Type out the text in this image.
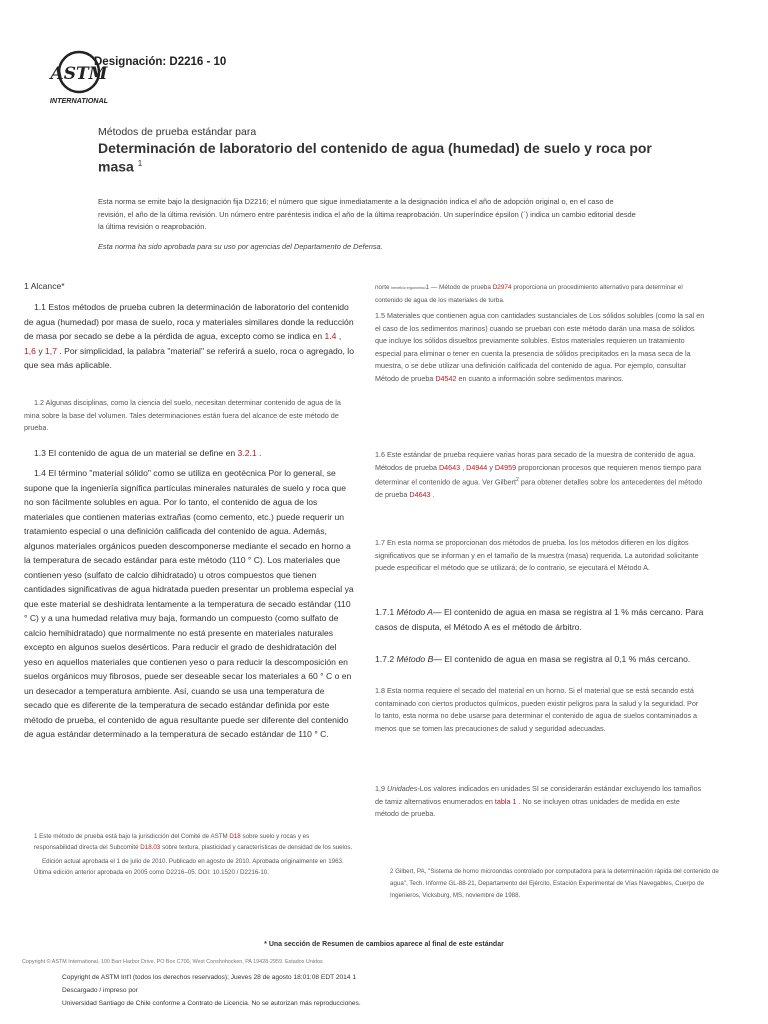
ASTM
INTERNATIONAL
Designación: D2216 - 10
Métodos de prueba estándar para
Determinación de laboratorio del contenido de agua (humedad) de suelo y roca por masa $^1$
Esta norma se emite bajo la designación fija D2216; el número que sigue inmediatamente a la designación indica el año de adopción original o, en el caso de revisión, el año de la última revisión. Un número entre paréntesis indica el año de la última reaprobación. Un superíndice épsilon (´) indica un cambio editorial desde la última revisión o reaprobación.
Esta norma ha sido aprobada para su uso por agencias del Departamento de Defensa.
1 Alcance*

1.1 Estos métodos de prueba cubren la determinación de laboratorio del contenido de agua (humedad) por masa de suelo, roca y materiales similares donde la reducción de masa por secado se debe a la pérdida de agua, excepto como se indica en 1.4 , 1,6 y 1,7 . Por simplicidad, la palabra "material" se referirá a suelo, roca o agregado, lo que sea más aplicable.

1.2 Algunas disciplinas, como la ciencia del suelo, necesitan determinar contenido de agua de la mina sobre la base del volumen. Tales determinaciones están fuera del alcance de este método de prueba.

1.3 El contenido de agua de un material se define en 3.2.1 .

1.4 El término "material sólido" como se utiliza en geotécnica Por lo general, se supone que la ingeniería significa partículas minerales naturales de suelo y roca que no son fácilmente solubles en agua. Por lo tanto, el contenido de agua de los materiales que contienen materias extrañas (como cemento, etc.) puede requerir un tratamiento especial o una definición calificada del contenido de agua. Además, algunos materiales orgánicos pueden descomponerse mediante el secado en horno a la temperatura de secado estándar para este método (110 ° C). Los materiales que contienen yeso (sulfato de calcio dihidratado) u otros compuestos que tienen cantidades significativas de agua hidratada pueden presentar un problema especial ya que este material se deshidrata lentamente a la temperatura de secado estándar (110 ° C) y a una humedad relativa muy baja, formando un compuesto (como sulfato de calcio hemihidratado) que normalmente no está presente en materiales naturales excepto en algunos suelos desérticos. Para reducir el grado de deshidratación del yeso en aquellos materiales que contienen yeso o para reducir la descomposición en suelos orgánicos muy fibrosos, puede ser deseable secar los materiales a 60 ° C o en un desecador a temperatura ambiente. Así, cuando se usa una temperatura de secado que es diferente de la temperatura de secado estándar definida por este método de prueba, el contenido de agua resultante puede ser diferente del contenido de agua estándar determinado a la temperatura de secado estándar de 110 ° C.

1 Este método de prueba está bajo la jurisdicción del Comité de ASTM D18 sobre suelo y rocas y es responsabilidad directa del Subcomité D18.03 sobre textura, plasticidad y características de densidad de los suelos.

Edición actual aprobada el 1 de julio de 2010. Publicado en agosto de 2010. Aprobada originalmente en 1963. Última edición anterior aprobada en 2005 como D2216–05. DOI: 10.1520 / D2216-10.

norte beneficio ergonómico1 — Método de prueba D2974 proporciona un procedimiento alternativo para determinar el contenido de agua de los materiales de turba.

1.5 Materiales que contienen agua con cantidades sustanciales de Los sólidos solubles (como la sal en el caso de los sedimentos marinos) cuando se prueban con este método darán una masa de sólidos que incluye los sólidos disueltos previamente solubles. Estos materiales requieren un tratamiento especial para eliminar o tener en cuenta la presencia de sólidos precipitados en la masa seca de la muestra, o se debe utilizar una definición calificada del contenido de agua. Por ejemplo, consultar Método de prueba D4542 en cuanto a información sobre sedimentos marinos.

1.6 Este estándar de prueba requiere varias horas para secado de la muestra de contenido de agua. Métodos de prueba D4643 , D4944 y D4959 proporcionan procesos que requieren menos tiempo para determinar el contenido de agua. Ver Gilbert$^2$ para obtener detalles sobre los antecedentes del método de prueba D4643 .

1.7 En esta norma se proporcionan dos métodos de prueba. los los métodos difieren en los dígitos significativos que se informan y en el tamaño de la muestra (masa) requerida. La autoridad solicitante puede especificar el método que se utilizará; de lo contrario, se ejecutará el Método A.

1.7.1 Método A— El contenido de agua en masa se registra al 1 % más cercano. Para casos de disputa, el Método A es el método de árbitro.

1.7.2 Método B— El contenido de agua en masa se registra al 0,1 % más cercano.

1.8 Esta norma requiere el secado del material en un horno. Si el material que se está secando está contaminado con ciertos productos químicos, pueden existir peligros para la salud y la seguridad. Por lo tanto, esta norma no debe usarse para determinar el contenido de agua de suelos contaminados a menos que se tomen las precauciones de salud y seguridad adecuadas.

1,9 Unidades-Los valores indicados en unidades SI se considerarán estándar excluyendo los tamaños de tamiz alternativos enumerados en tabla 1 . No se incluyen otras unidades de medida en este método de prueba.

2 Gilbert, PA, "Sistema de horno microondas controlado por computadora para la determinación rápida del contenido de agua", Tech. Informe GL-88-21, Departamento del Ejército, Estación Experimental de Vías Navegables, Cuerpo de Ingenieros, Vicksburg, MS, noviembre de 1988.
* Una sección de Resumen de cambios aparece al final de este estándar
Copyright © ASTM International, 100 Barr Harbor Drive, PO Box C700, West Conshohocken, PA 19428-2959. Estados Unidos
Copyright de ASTM Int'l (todos los derechos reservados); Jueves 28 de agosto 18:01:08 EDT 2014 1
Descargado / impreso por
Universidad Santiago de Chile conforme a Contrato de Licencia. No se autorizan más reproducciones.
